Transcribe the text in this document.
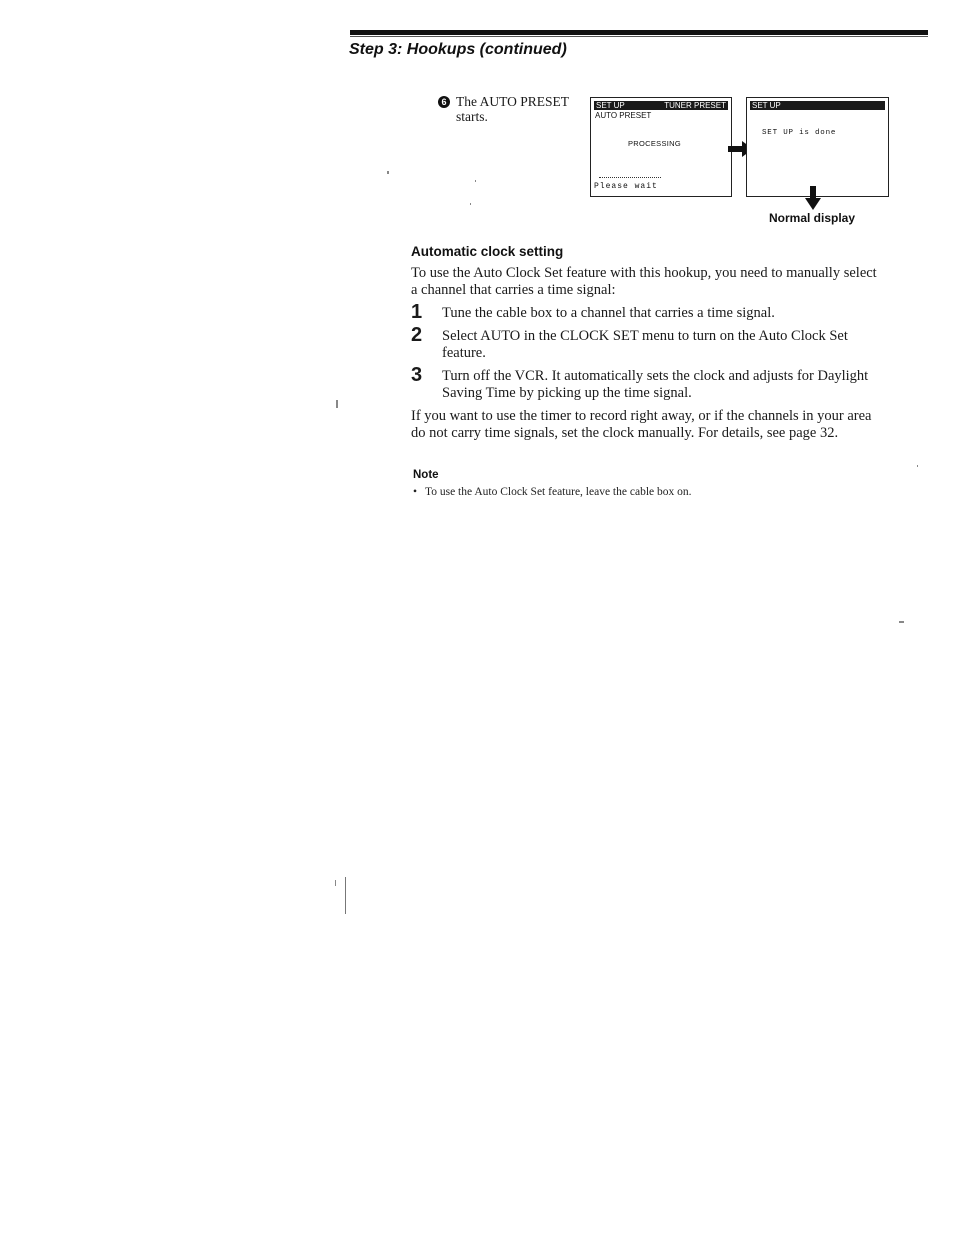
Step 3: Hookups (continued)
6 The AUTO PRESET starts.
SET UP	TUNER PRESET
AUTO PRESET
PROCESSING
Please wait
SET UP
SET UP is done
Normal display
Automatic clock setting
To use the Auto Clock Set feature with this hookup, you need to manually select a channel that carries a time signal:
1 Tune the cable box to a channel that carries a time signal.
2 Select AUTO in the CLOCK SET menu to turn on the Auto Clock Set feature.
3 Turn off the VCR. It automatically sets the clock and adjusts for Daylight Saving Time by picking up the time signal.
If you want to use the timer to record right away, or if the channels in your area do not carry time signals, set the clock manually. For details, see page 32.
Note
• To use the Auto Clock Set feature, leave the cable box on.
